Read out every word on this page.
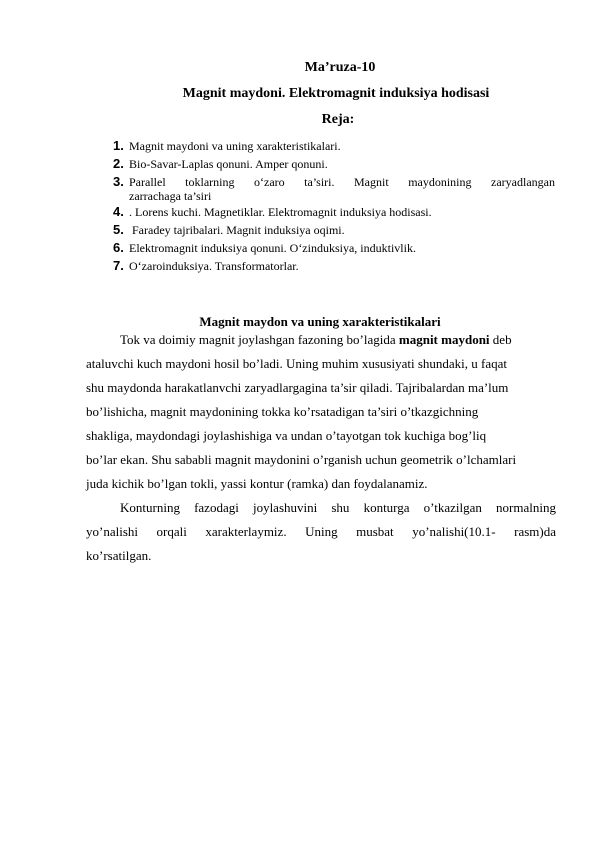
Ma’ruza-10
Magnit maydoni. Elektromagnit induksiya hodisasi
Reja:
1. Magnit maydoni va uning xarakteristikalari.
2. Bio-Savar-Laplas qonuni. Amper qonuni.
3. Parallel toklarning o‘zaro ta’siri. Magnit maydonining zaryadlangan
zarrachaga ta’siri
4. . Lorens kuchi. Magnetiklar. Elektromagnit induksiya hodisasi.
5. Faradey tajribalari. Magnit induksiya oqimi.
6. Elektromagnit induksiya qonuni. O‘zinduksiya, induktivlik.
7. O‘zaroinduksiya. Transformatorlar.
Magnit maydon va uning xarakteristikalari
Tok va doimiy magnit joylashgan fazoning bo’lagida magnit maydoni deb
ataluvchi kuch maydoni hosil bo’ladi. Uning muhim xususiyati shundaki, u faqat
shu maydonda harakatlanvchi zaryadlargagina ta’sir qiladi. Tajribalardan ma’lum
bo’lishicha, magnit maydonining tokka ko’rsatadigan ta’siri o’tkazgichning
shakliga, maydondagi joylashishiga va undan o’tayotgan tok kuchiga bog’liq
bo’lar ekan. Shu sababli magnit maydonini o’rganish uchun geometrik o’lchamlari
juda kichik bo’lgan tokli, yassi kontur (ramka) dan foydalanamiz.
Konturning fazodagi joylashuvini shu konturga o’tkazilgan normalning
yo’nalishi orqali xarakterlaymiz. Uning musbat yo’nalishi(10.1- rasm)da
ko’rsatilgan.
